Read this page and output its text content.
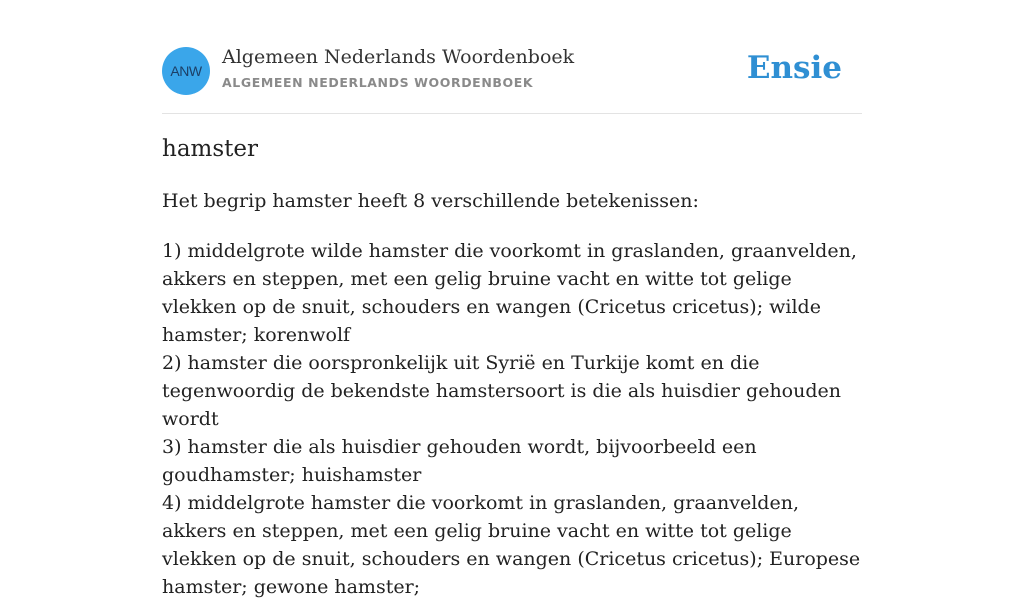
ANW
Algemeen Nederlands Woordenboek
ALGEMEEN NEDERLANDS WOORDENBOEK	Ensie
hamster

Het begrip hamster heeft 8 verschillende betekenissen:

1) middelgrote wilde hamster die voorkomt in graslanden, graanvelden, akkers en steppen, met een gelig bruine vacht en witte tot gelige vlekken op de snuit, schouders en wangen (Cricetus cricetus); wilde hamster; korenwolf
2) hamster die oorspronkelijk uit Syrië en Turkije komt en die tegenwoordig de bekendste hamstersoort is die als huisdier gehouden wordt
3) hamster die als huisdier gehouden wordt, bijvoorbeeld een goudhamster; huishamster
4) middelgrote hamster die voorkomt in graslanden, graanvelden, akkers en steppen, met een gelig bruine vacht en witte tot gelige vlekken op de snuit, schouders en wangen (Cricetus cricetus); Europese hamster; gewone hamster;
